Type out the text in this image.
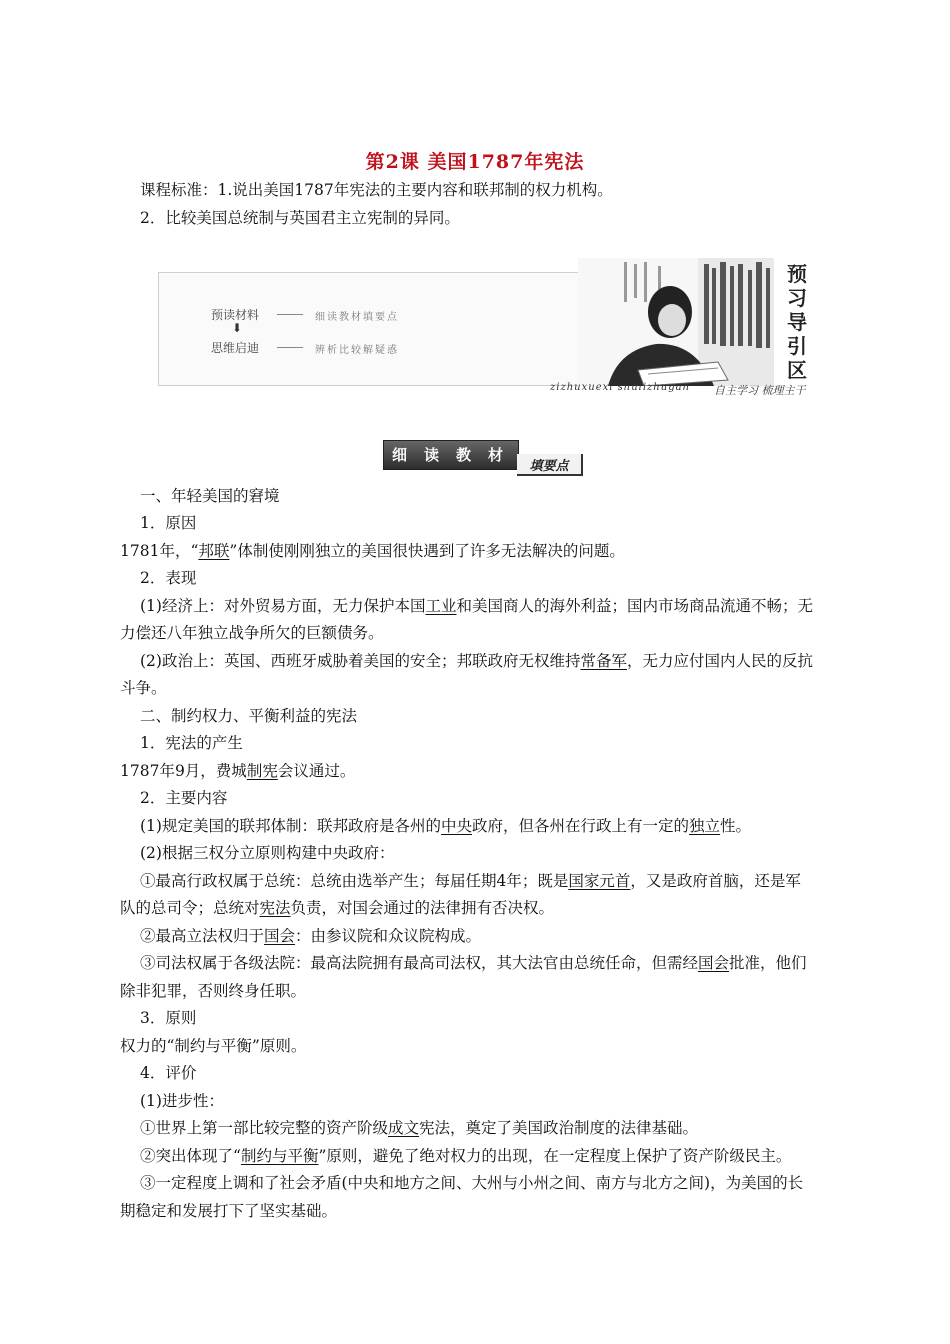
第2课 美国1787年宪法
课程标准：1.说出美国1787年宪法的主要内容和联邦制的权力机构。
2．比较美国总统制与英国君主立宪制的异同。
预读材料	细读教材填要点
⬇
思维启迪	辨析比较解疑惑
预
习
导
引
区
zizhuxuexi shulizhugan 自主学习 梳理主干
细 读 教 材
填要点
一、年轻美国的窘境
1．原因
1781年，“邦联”体制使刚刚独立的美国很快遇到了许多无法解决的问题。
2．表现
(1)经济上：对外贸易方面，无力保护本国工业和美国商人的海外利益；国内市场商品流通不畅；无
力偿还八年独立战争所欠的巨额债务。
(2)政治上：英国、西班牙威胁着美国的安全；邦联政府无权维持常备军，无力应付国内人民的反抗
斗争。
二、制约权力、平衡利益的宪法
1．宪法的产生
1787年9月，费城制宪会议通过。
2．主要内容
(1)规定美国的联邦体制：联邦政府是各州的中央政府，但各州在行政上有一定的独立性。
(2)根据三权分立原则构建中央政府：
①最高行政权属于总统：总统由选举产生；每届任期4年；既是国家元首，又是政府首脑，还是军
队的总司令；总统对宪法负责，对国会通过的法律拥有否决权。
②最高立法权归于国会：由参议院和众议院构成。
③司法权属于各级法院：最高法院拥有最高司法权，其大法官由总统任命，但需经国会批准，他们
除非犯罪，否则终身任职。
3．原则
权力的“制约与平衡”原则。
4．评价
(1)进步性：
①世界上第一部比较完整的资产阶级成文宪法，奠定了美国政治制度的法律基础。
②突出体现了“制约与平衡”原则，避免了绝对权力的出现，在一定程度上保护了资产阶级民主。
③一定程度上调和了社会矛盾(中央和地方之间、大州与小州之间、南方与北方之间)，为美国的长
期稳定和发展打下了坚实基础。
